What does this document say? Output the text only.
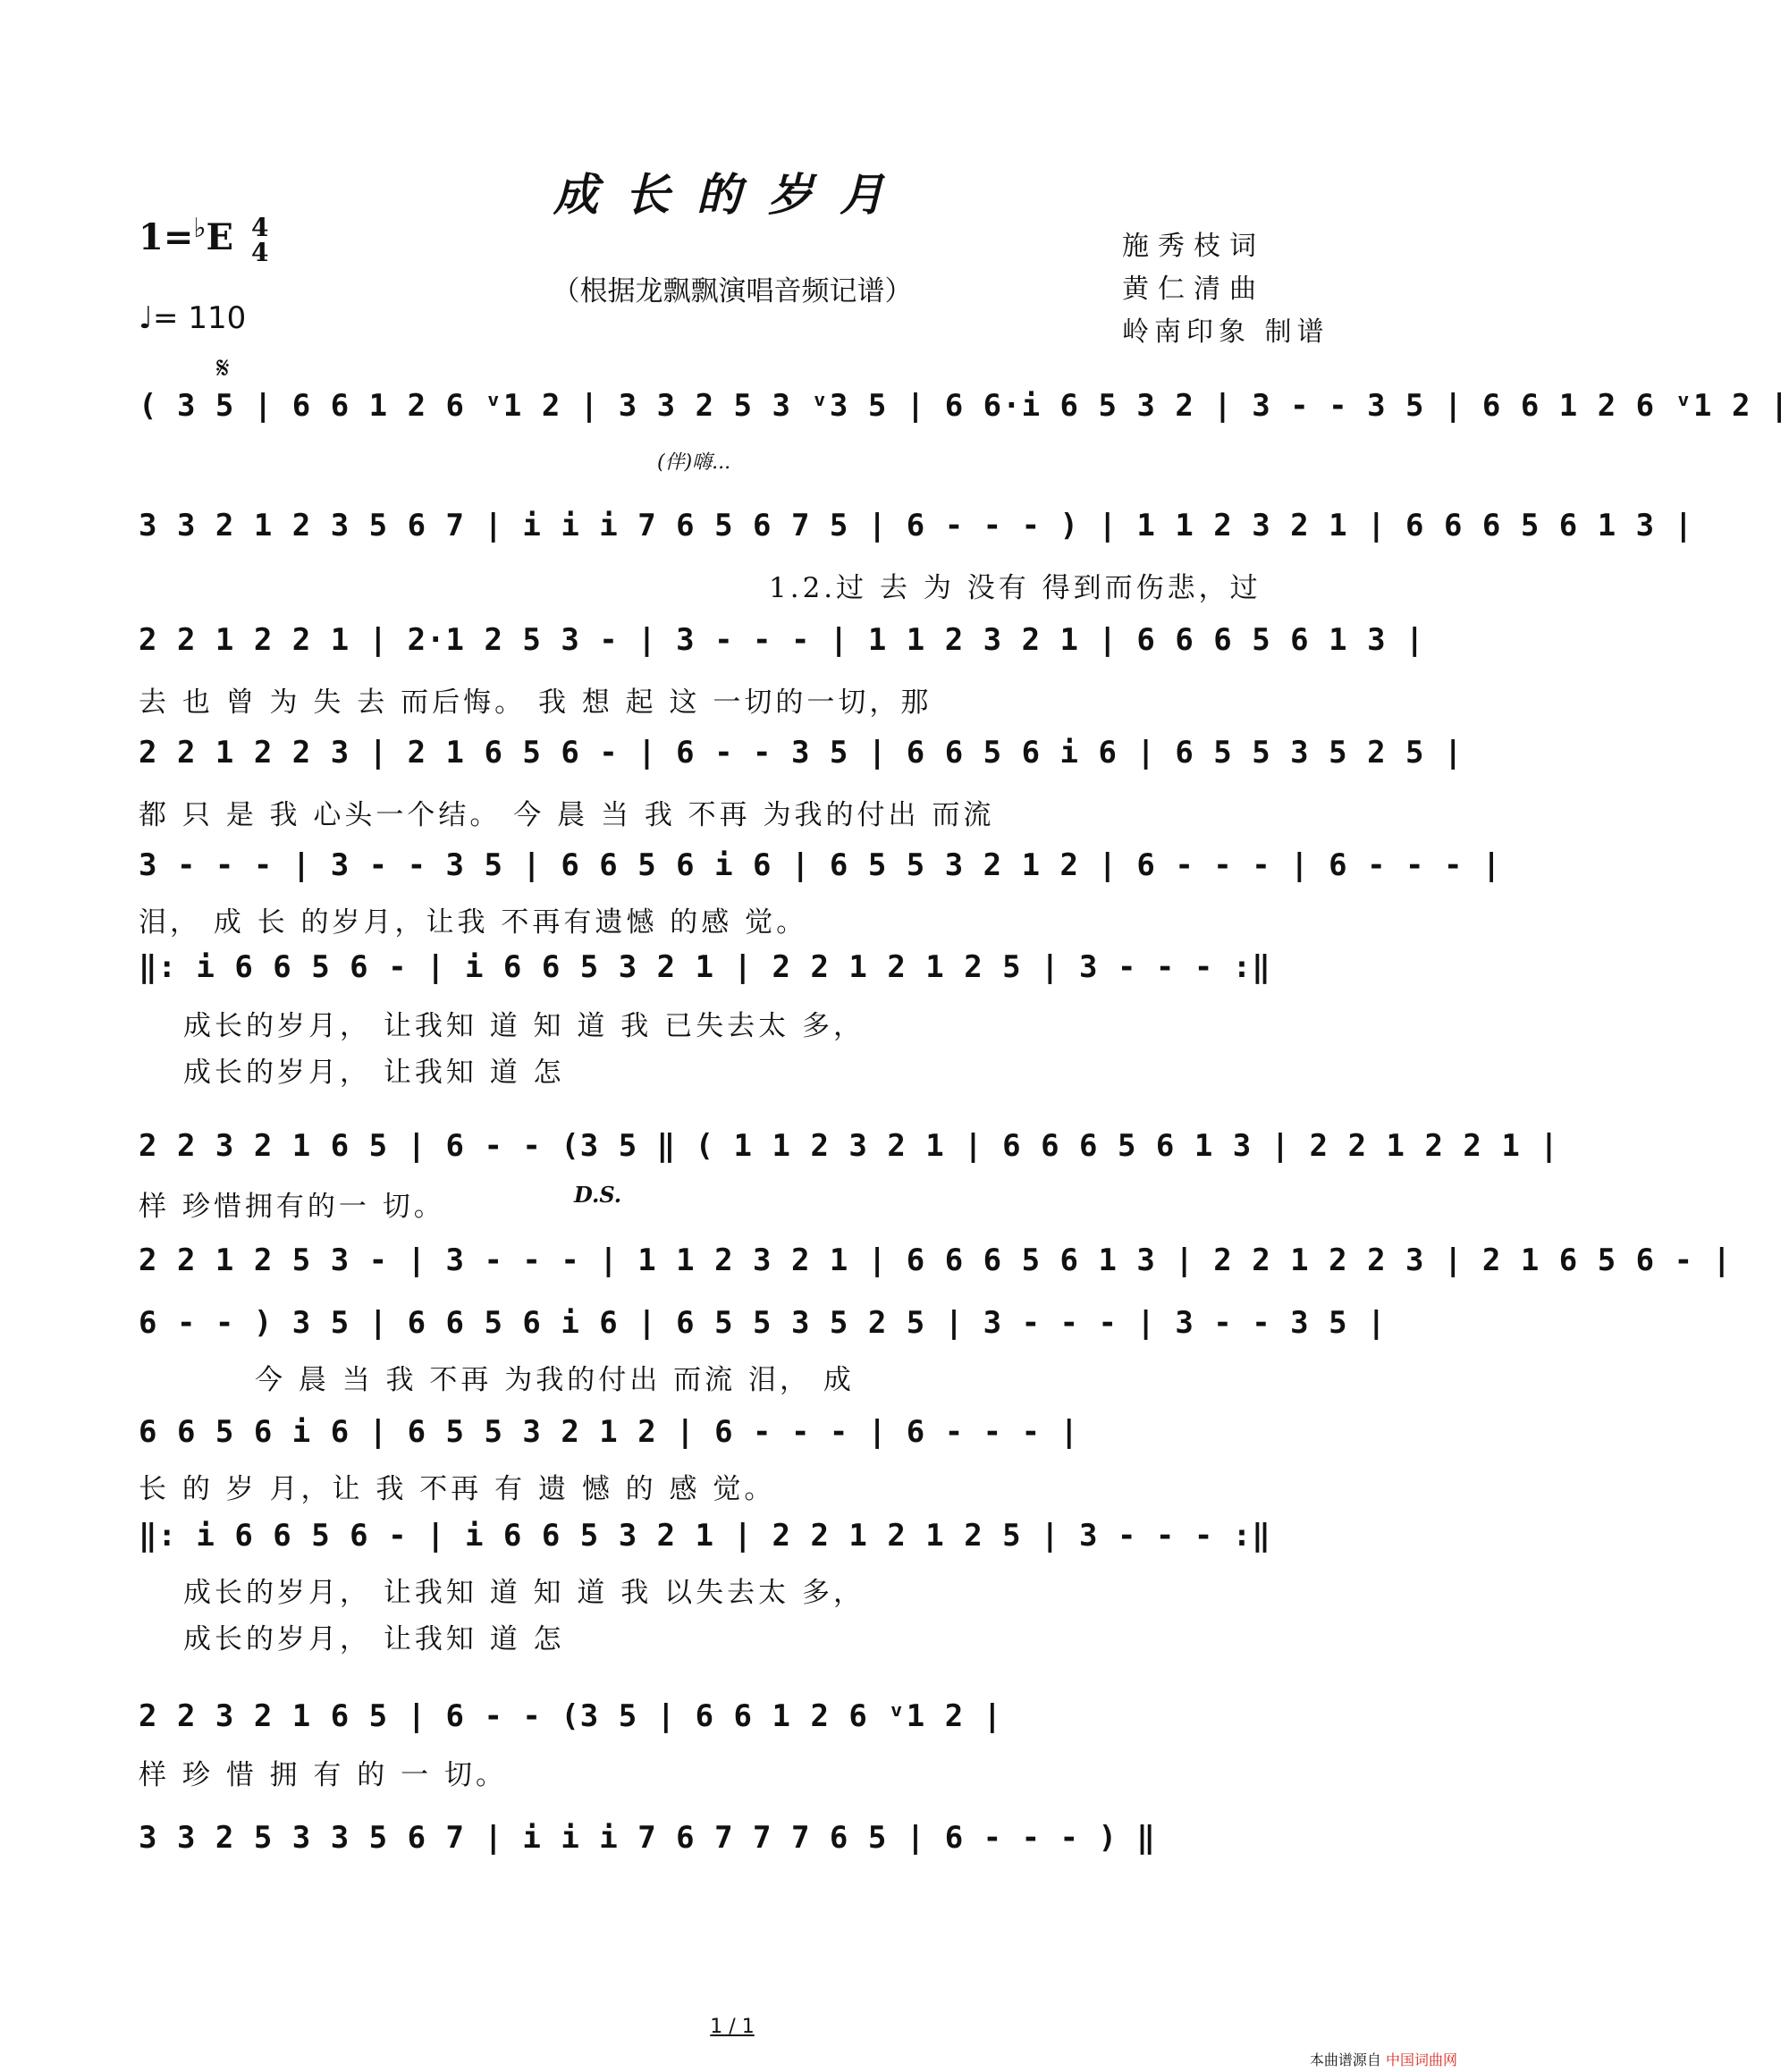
成长的岁月
1=♭E 4
4
（根据龙飘飘演唱音频记谱）
♩= 110
施秀枝词
黄仁清曲
岭南印象 制谱
𝄋
(伴)嗨...
D.S.
( 3 5 | 6 6 1 2 6 ᵛ1 2 | 3 3 2 5 3 ᵛ3 5 | 6 6·i 6 5 3 2 | 3 - - 3 5 | 6 6 1 2 6 ᵛ1 2 |
3 3 2 1 2 3 5 6 7 | i i i 7 6 5 6 7 5 | 6 - - - ) | 1 1 2 3 2 1 | 6 6 6 5 6 1 3 |
1.2.过 去 为 没有 得到而伤悲，过
2 2 1 2 2 1 | 2·1 2 5 3 - | 3 - - - | 1 1 2 3 2 1 | 6 6 6 5 6 1 3 |
去 也 曾 为 失 去 而后悔。 我 想 起 这 一切的一切，那
2 2 1 2 2 3 | 2 1 6 5 6 - | 6 - - 3 5 | 6 6 5 6 i 6 | 6 5 5 3 5 2 5 |
都 只 是 我 心头一个结。 今 晨 当 我 不再 为我的付出 而流
3 - - - | 3 - - 3 5 | 6 6 5 6 i 6 | 6 5 5 3 2 1 2 | 6 - - - | 6 - - - |
泪， 成 长 的岁月，让我 不再有遗憾 的感 觉。
‖: i 6 6 5 6 - | i 6 6 5 3 2 1 | 2 2 1 2 1 2 5 | 3 - - - :‖
成长的岁月， 让我知 道 知 道 我 已失去太 多，
成长的岁月， 让我知 道 怎
2 2 3 2 1 6 5 | 6 - - (3 5 ‖ ( 1 1 2 3 2 1 | 6 6 6 5 6 1 3 | 2 2 1 2 2 1 |
样 珍惜拥有的一 切。
2 2 1 2 5 3 - | 3 - - - | 1 1 2 3 2 1 | 6 6 6 5 6 1 3 | 2 2 1 2 2 3 | 2 1 6 5 6 - |
6 - - ) 3 5 | 6 6 5 6 i 6 | 6 5 5 3 5 2 5 | 3 - - - | 3 - - 3 5 |
今 晨 当 我 不再 为我的付出 而流 泪， 成
6 6 5 6 i 6 | 6 5 5 3 2 1 2 | 6 - - - | 6 - - - |
长 的 岁 月，让 我 不再 有 遗 憾 的 感 觉。
‖: i 6 6 5 6 - | i 6 6 5 3 2 1 | 2 2 1 2 1 2 5 | 3 - - - :‖
成长的岁月， 让我知 道 知 道 我 以失去太 多，
成长的岁月， 让我知 道 怎
2 2 3 2 1 6 5 | 6 - - (3 5 | 6 6 1 2 6 ᵛ1 2 |
样 珍 惜 拥 有 的 一 切。
3 3 2 5 3 3 5 6 7 | i i i 7 6 7 7 7 6 5 | 6 - - - ) ‖
1 / 1
本曲谱源自 中国词曲网
